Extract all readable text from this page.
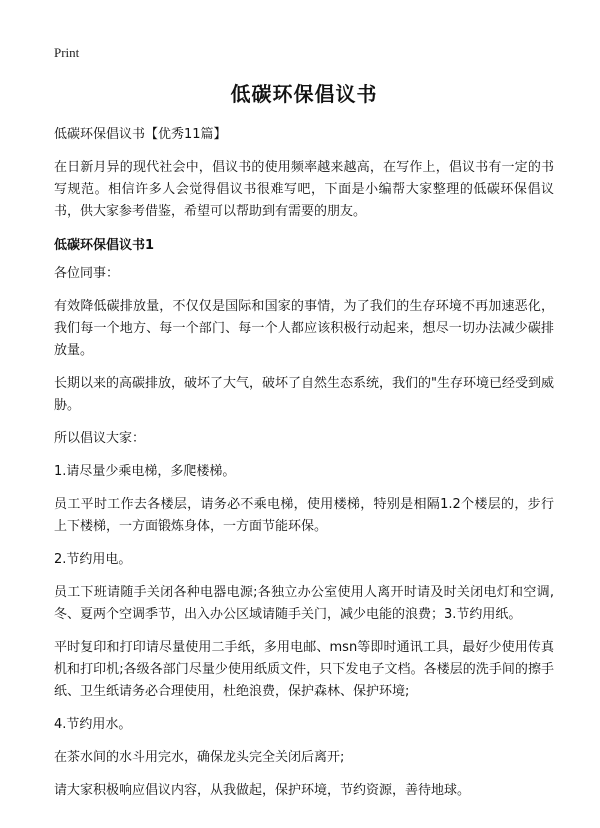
Print
低碳环保倡议书
低碳环保倡议书【优秀11篇】

在日新月异的现代社会中，倡议书的使用频率越来越高，在写作上，倡议书有一定的书写规范。相信许多人会觉得倡议书很难写吧，下面是小编帮大家整理的低碳环保倡议书，供大家参考借鉴，希望可以帮助到有需要的朋友。

低碳环保倡议书1

各位同事：

有效降低碳排放量，不仅仅是国际和国家的事情，为了我们的生存环境不再加速恶化，我们每一个地方、每一个部门、每一个人都应该积极行动起来，想尽一切办法减少碳排放量。

长期以来的高碳排放，破坏了大气，破坏了自然生态系统，我们的"生存环境已经受到威胁。

所以倡议大家：

1.请尽量少乘电梯，多爬楼梯。

员工平时工作去各楼层，请务必不乘电梯，使用楼梯，特别是相隔1.2个楼层的，步行上下楼梯，一方面锻炼身体，一方面节能环保。

2.节约用电。

员工下班请随手关闭各种电器电源;各独立办公室使用人离开时请及时关闭电灯和空调,冬、夏两个空调季节，出入办公区域请随手关门，减少电能的浪费；3.节约用纸。

平时复印和打印请尽量使用二手纸，多用电邮、msn等即时通讯工具，最好少使用传真机和打印机;各级各部门尽量少使用纸质文件，只下发电子文档。各楼层的洗手间的擦手纸、卫生纸请务必合理使用，杜绝浪费，保护森林、保护环境;

4.节约用水。

在茶水间的水斗用完水，确保龙头完全关闭后离开;

请大家积极响应倡议内容，从我做起，保护环境，节约资源，善待地球。
